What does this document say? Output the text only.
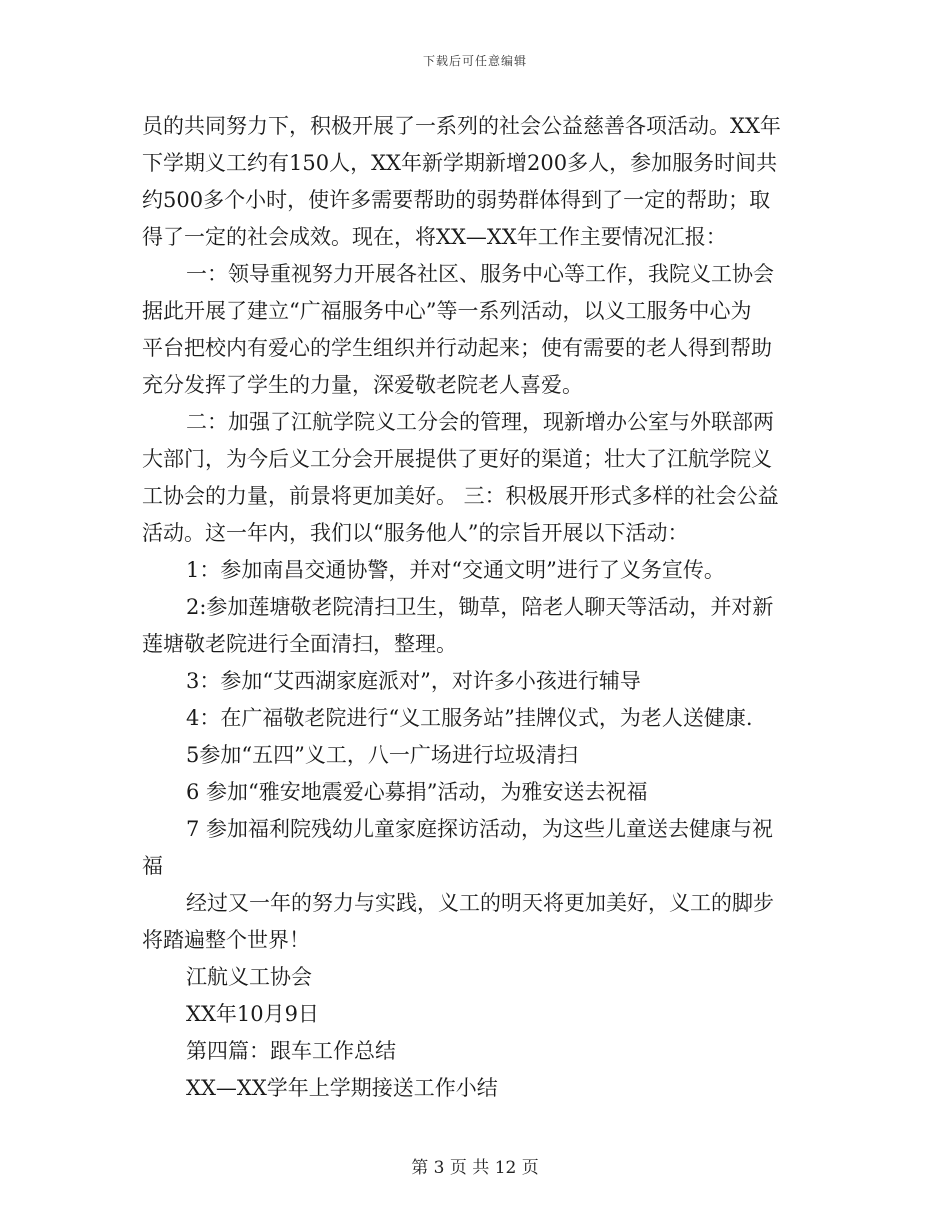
下载后可任意编辑
员的共同努力下，积极开展了一系列的社会公益慈善各项活动。XX年
下学期义工约有150人，XX年新学期新增200多人，参加服务时间共
约500多个小时，使许多需要帮助的弱势群体得到了一定的帮助；取
得了一定的社会成效。现在，将XX—XX年工作主要情况汇报：
一：领导重视努力开展各社区、服务中心等工作，我院义工协会
据此开展了建立“广福服务中心”等一系列活动，以义工服务中心为
平台把校内有爱心的学生组织并行动起来；使有需要的老人得到帮助
充分发挥了学生的力量，深爱敬老院老人喜爱。
二：加强了江航学院义工分会的管理，现新增办公室与外联部两
大部门，为今后义工分会开展提供了更好的渠道；壮大了江航学院义
工协会的力量，前景将更加美好。 三：积极展开形式多样的社会公益
活动。这一年内，我们以“服务他人”的宗旨开展以下活动：
1：参加南昌交通协警，并对“交通文明”进行了义务宣传。
2:参加莲塘敬老院清扫卫生，锄草，陪老人聊天等活动，并对新
莲塘敬老院进行全面清扫，整理。
3：参加“艾西湖家庭派对”，对许多小孩进行辅导
4：在广福敬老院进行“义工服务站”挂牌仪式，为老人送健康.
5参加“五四”义工，八一广场进行垃圾清扫
6 参加“雅安地震爱心募捐”活动，为雅安送去祝福
7 参加福利院残幼儿童家庭探访活动，为这些儿童送去健康与祝
福
经过又一年的努力与实践，义工的明天将更加美好，义工的脚步
将踏遍整个世界！
江航义工协会
XX年10月9日
第四篇：跟车工作总结
XX—XX学年上学期接送工作小结
第 3 页 共 12 页
